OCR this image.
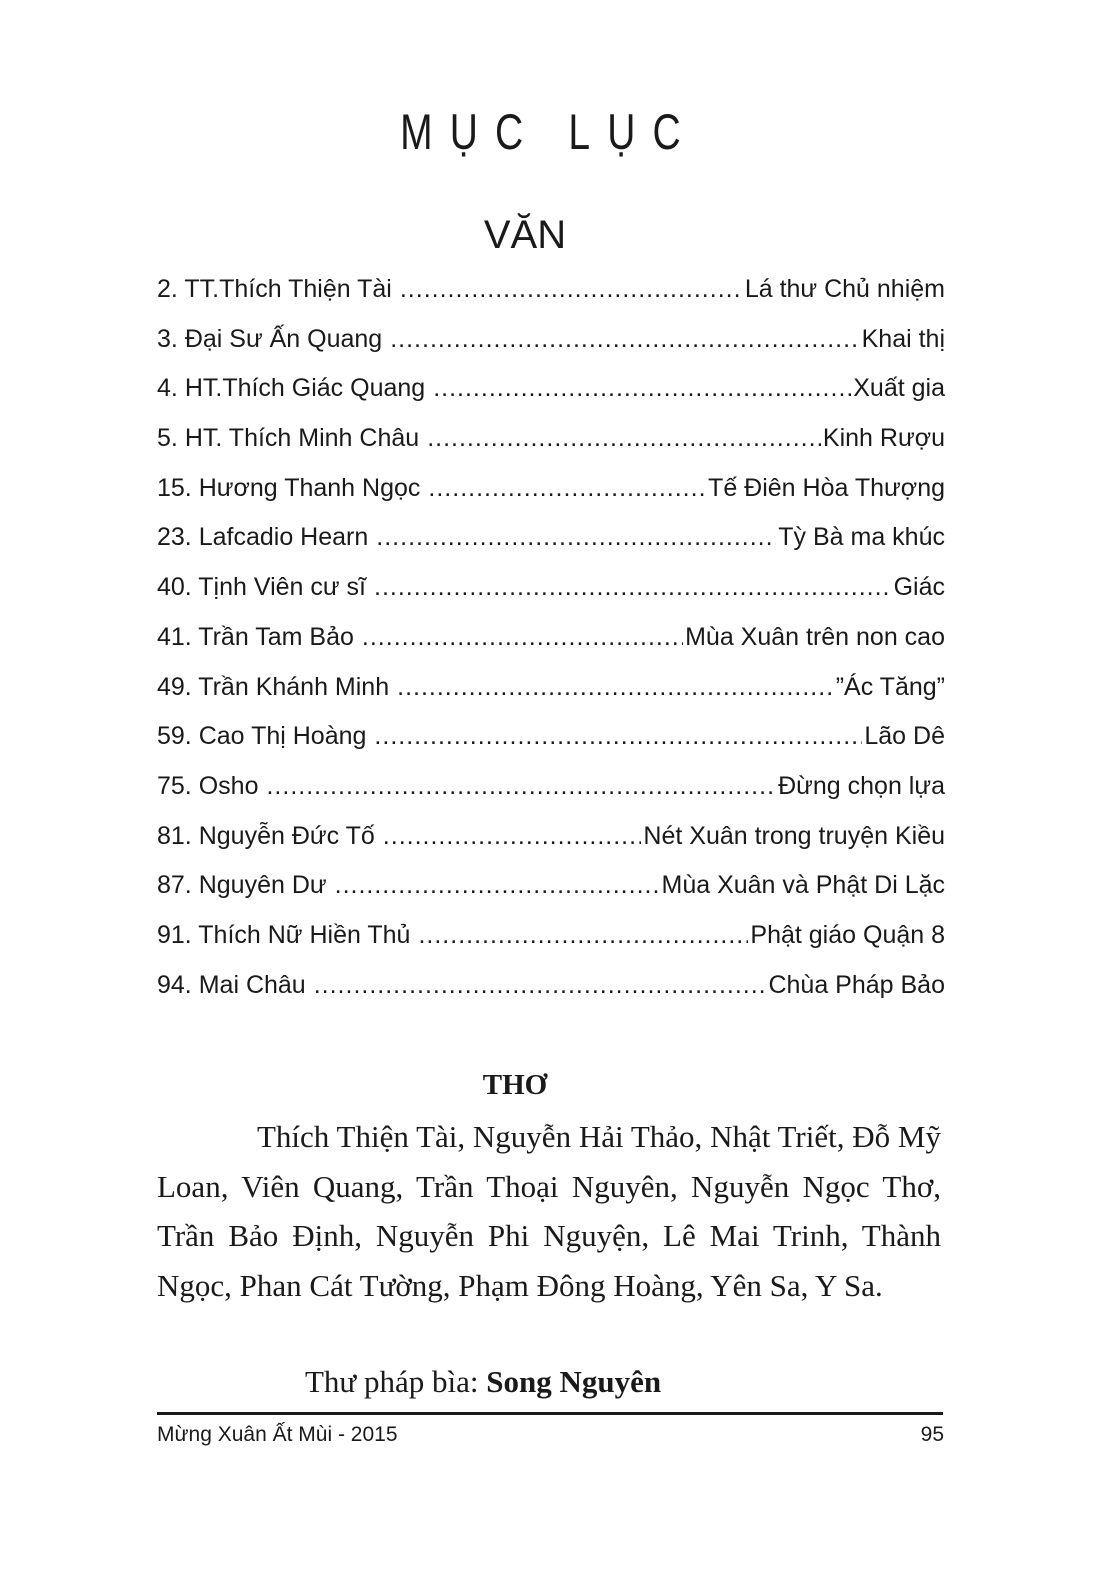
MỤC LỤC
VĂN
2. TT.Thích Thiện Tài .....	Lá thư Chủ nhiệm
3. Đại Sư Ấn Quang .....	Khai thị
4. HT.Thích Giác Quang .....	Xuất gia
5. HT. Thích Minh Châu .....	Kinh Rượu
15. Hương Thanh Ngọc .....	Tế Điên Hòa Thượng
23. Lafcadio Hearn .....	Tỳ Bà ma khúc
40. Tịnh Viên cư sĩ .....	Giác
41. Trần Tam Bảo .....	Mùa Xuân trên non cao
49. Trần Khánh Minh .....	”Ác Tăng”
59. Cao Thị Hoàng .....	Lão Dê
75. Osho .....	Đừng chọn lựa
81. Nguyễn Đức Tố .....	Nét Xuân trong truyện Kiều
87. Nguyên Dư .....	Mùa Xuân và Phật Di Lặc
91. Thích Nữ Hiền Thủ .....	Phật giáo Quận 8
94. Mai Châu .....	Chùa Pháp Bảo
THƠ

Thích Thiện Tài, Nguyễn Hải Thảo, Nhật Triết, Đỗ Mỹ Loan, Viên Quang, Trần Thoại Nguyên, Nguyễn Ngọc Thơ, Trần Bảo Định, Nguyễn Phi Nguyện, Lê Mai Trinh, Thành Ngọc, Phan Cát Tường, Phạm Đông Hoàng, Yên Sa, Y Sa.

Thư pháp bìa: Song Nguyên

Mừng Xuân Ất Mùi - 2015	95
